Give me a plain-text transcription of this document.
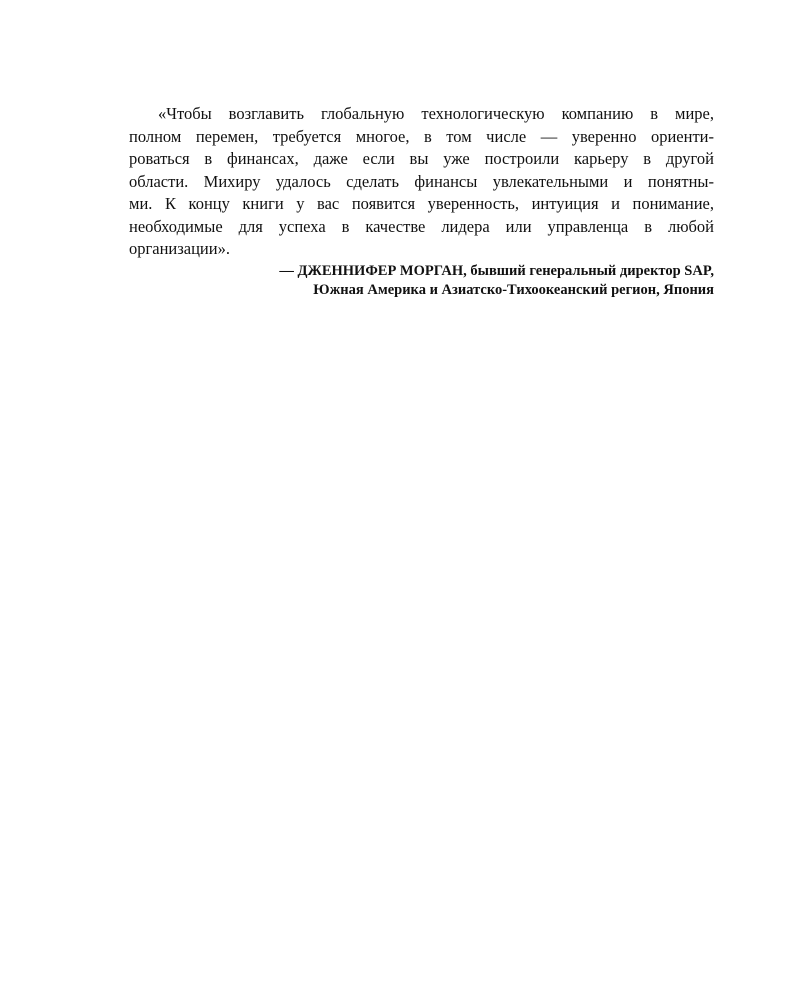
«Чтобы возглавить глобальную технологическую компанию в мире,
полном перемен, требуется многое, в том числе — уверенно ориенти-
роваться в финансах, даже если вы уже построили карьеру в другой
области. Михиру удалось сделать финансы увлекательными и понятны-
ми. К концу книги у вас появится уверенность, интуиция и понимание,
необходимые для успеха в качестве лидера или управленца в любой
организации».
— ДЖЕННИФЕР МОРГАН, бывший генеральный директор SAP,
Южная Америка и Азиатско-Тихоокеанский регион, Япония
